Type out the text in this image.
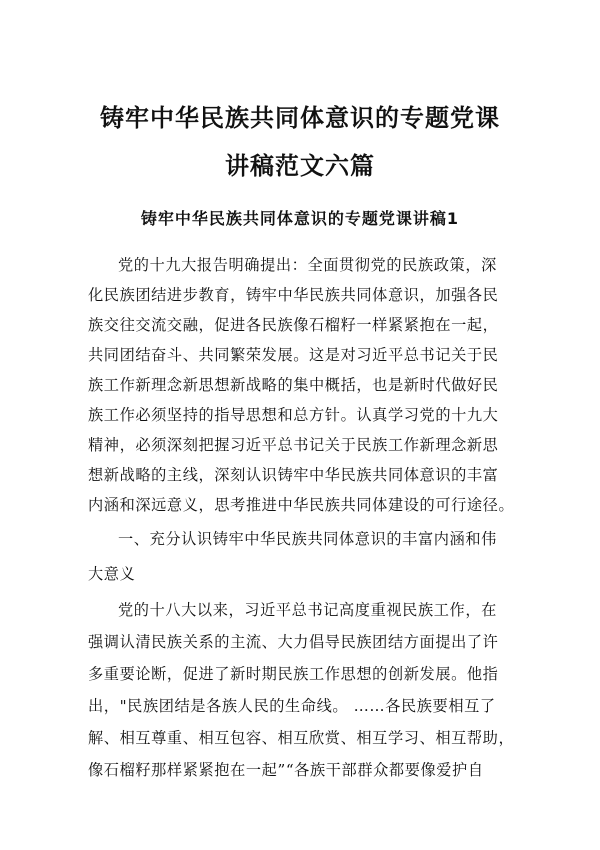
铸牢中华民族共同体意识的专题党课
讲稿范文六篇
铸牢中华民族共同体意识的专题党课讲稿1
党的十九大报告明确提出：全面贯彻党的民族政策，深
化民族团结进步教育，铸牢中华民族共同体意识，加强各民
族交往交流交融，促进各民族像石榴籽一样紧紧抱在一起，
共同团结奋斗、共同繁荣发展。这是对习近平总书记关于民
族工作新理念新思想新战略的集中概括，也是新时代做好民
族工作必须坚持的指导思想和总方针。认真学习党的十九大
精神，必须深刻把握习近平总书记关于民族工作新理念新思
想新战略的主线，深刻认识铸牢中华民族共同体意识的丰富
内涵和深远意义，思考推进中华民族共同体建设的可行途径。
一、充分认识铸牢中华民族共同体意识的丰富内涵和伟
大意义
党的十八大以来，习近平总书记高度重视民族工作，在
强调认清民族关系的主流、大力倡导民族团结方面提出了许
多重要论断，促进了新时期民族工作思想的创新发展。他指
出，"民族团结是各族人民的生命线。 ……各民族要相互了
解、相互尊重、相互包容、相互欣赏、相互学习、相互帮助，
像石榴籽那样紧紧抱在一起”“各族干部群众都要像爱护自
